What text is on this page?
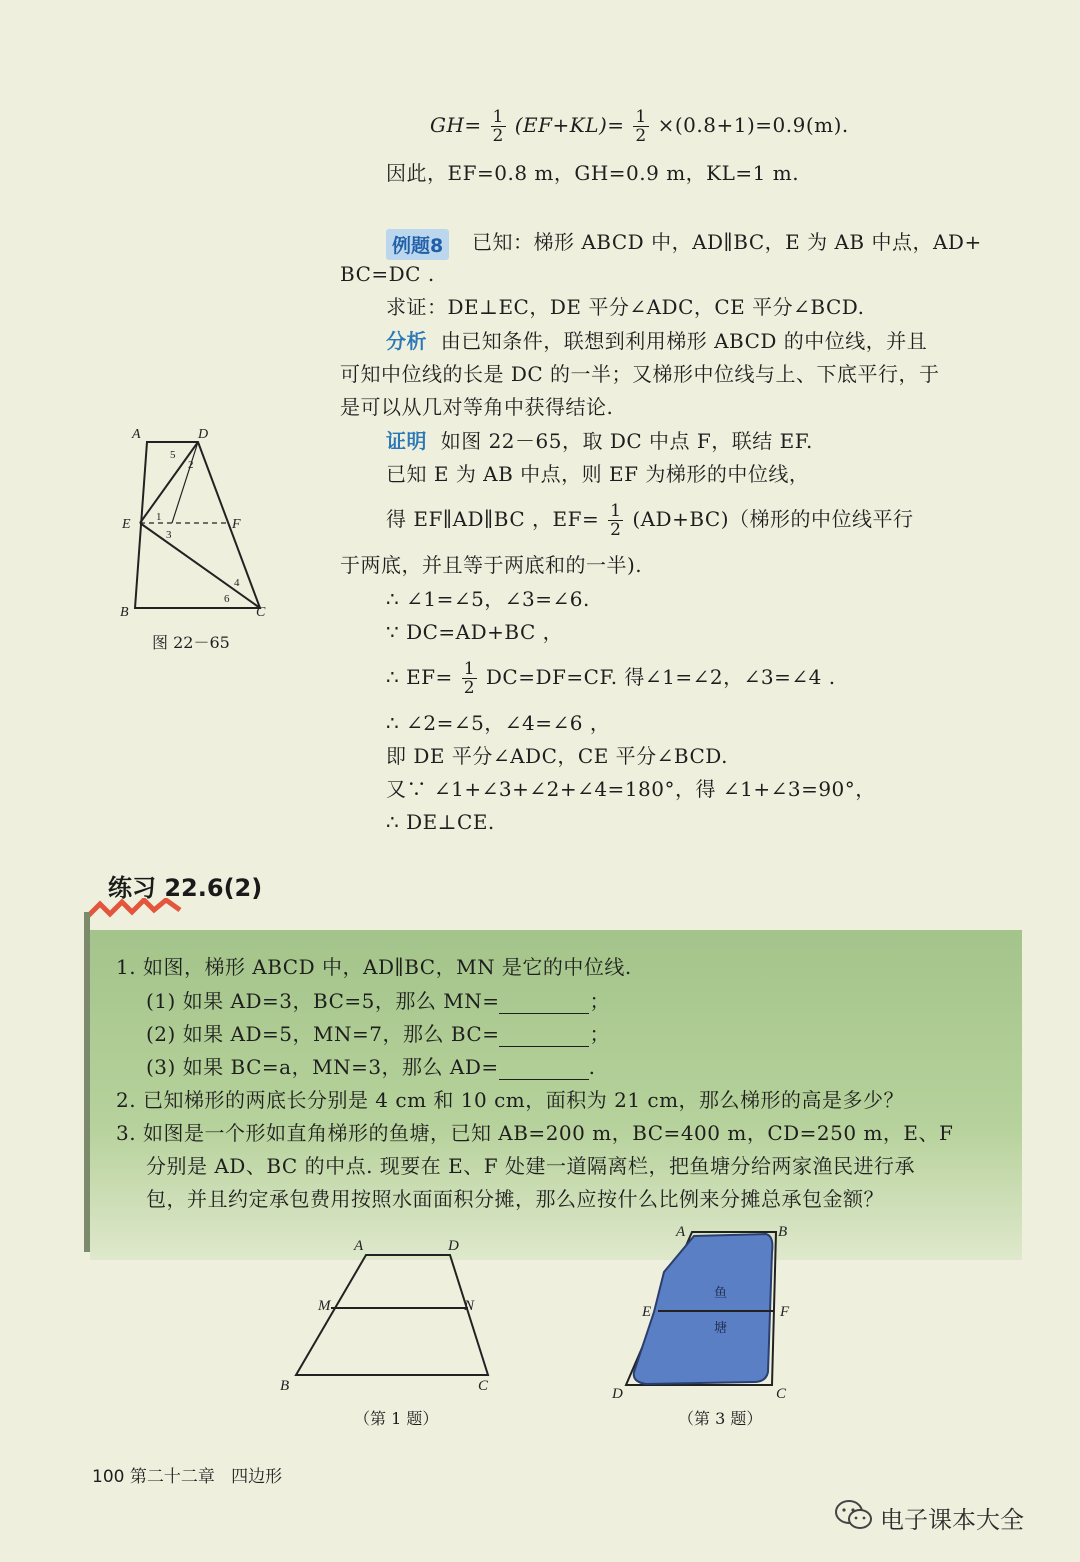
$GH= \frac{1}{2} (EF+KL)= \frac{1}{2} \times(0.8+1)=0.9(m)$.
因此，EF=0.8 m，GH=0.9 m，KL=1 m.
例题8	已知：梯形 ABCD 中，AD∥BC，E 为 AB 中点，AD+
BC=DC .
求证：DE⊥EC，DE 平分∠ADC，CE 平分∠BCD.
分析 由已知条件，联想到利用梯形 ABCD 的中位线，并且
可知中位线的长是 DC 的一半；又梯形中位线与上、下底平行，于
是可以从几对等角中获得结论.
证明 如图 22－65，取 DC 中点 F，联结 EF.
已知 E 为 AB 中点，则 EF 为梯形的中位线，
得 EF∥AD∥BC ，$EF= \frac{1}{2} (AD+BC)$（梯形的中位线平行
于两底，并且等于两底和的一半).
∴ ∠1=∠5，∠3=∠6.
∵ DC=AD+BC ，
∴ $EF= \frac{1}{2} DC=DF=CF$. 得∠1=∠2，∠3=∠4 .
∴ ∠2=∠5，∠4=∠6 ，
即 DE 平分∠ADC，CE 平分∠BCD.
又∵ ∠1+∠3+∠2+∠4=180°，得 ∠1+∠3=90°，
∴ DE⊥CE.
A	D
E	F
B	C
5
2
1
3
4
6
图 22－65
练习 22.6(2)
1. 如图，梯形 ABCD 中，AD∥BC，MN 是它的中位线.
(1) 如果 AD=3，BC=5，那么 MN=	；
(2) 如果 AD=5，MN=7，那么 BC=	；
(3) 如果 BC=a，MN=3，那么 AD=	.
2. 已知梯形的两底长分别是 4 cm 和 10 cm，面积为 21 cm，那么梯形的高是多少？
3. 如图是一个形如直角梯形的鱼塘，已知 AB=200 m，BC=400 m，CD=250 m，E、F
分别是 AD、BC 的中点. 现要在 E、F 处建一道隔离栏，把鱼塘分给两家渔民进行承
包，并且约定承包费用按照水面面积分摊，那么应按什么比例来分摊总承包金额？
A	D
M	N
B	C
（第 1 题）
鱼
塘
A	B
E	F
D	C
（第 3 题）
100 第二十二章 四边形
电子课本大全
